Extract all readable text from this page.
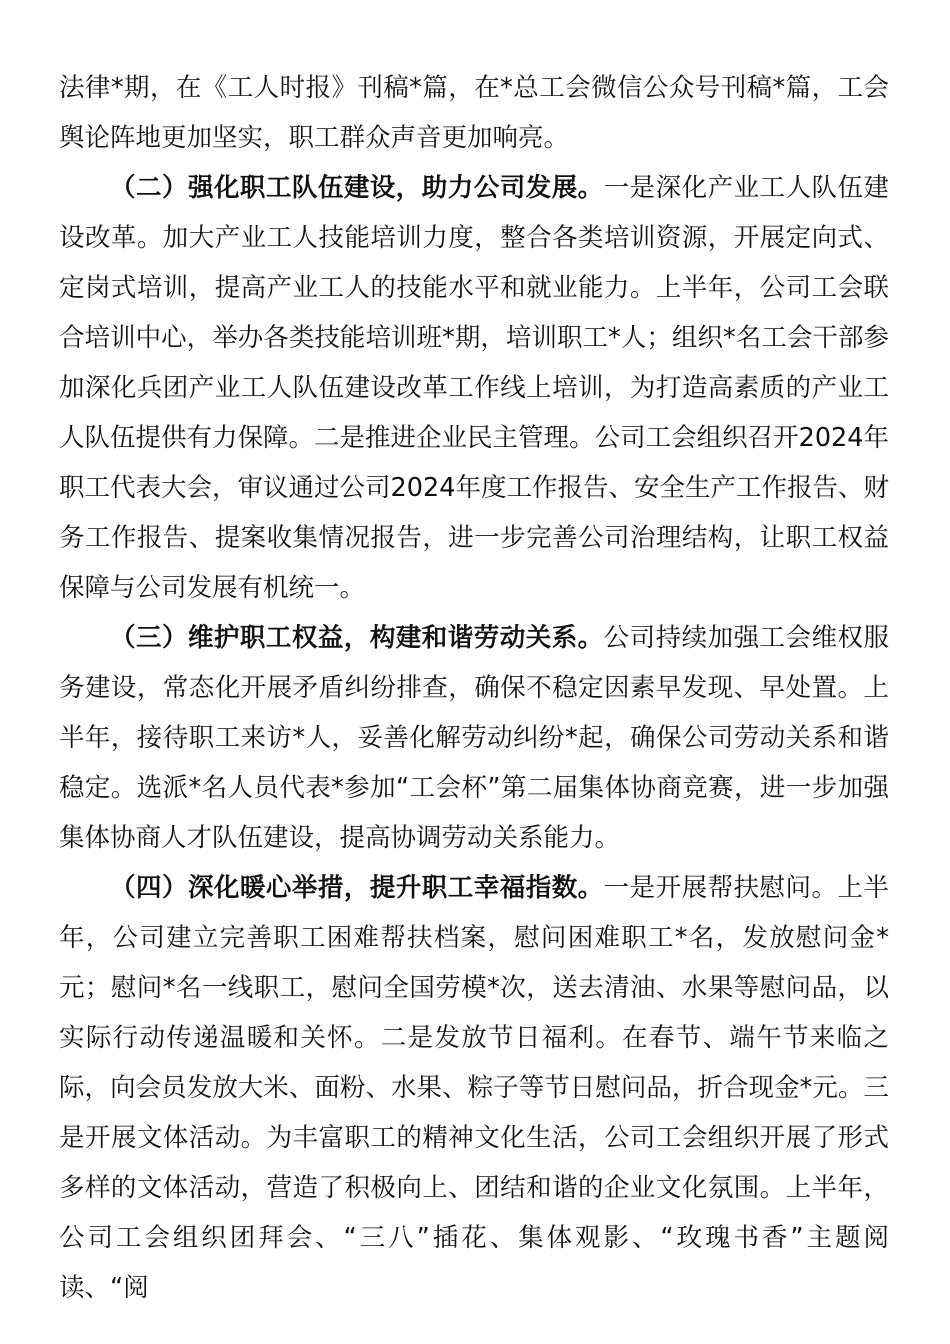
法律*期，在《工人时报》刊稿*篇，在*总工会微信公众号刊稿*篇，工会舆论阵地更加坚实，职工群众声音更加响亮。

（二）强化职工队伍建设，助力公司发展。一是深化产业工人队伍建设改革。加大产业工人技能培训力度，整合各类培训资源，开展定向式、定岗式培训，提高产业工人的技能水平和就业能力。上半年，公司工会联合培训中心，举办各类技能培训班*期，培训职工*人；组织*名工会干部参加深化兵团产业工人队伍建设改革工作线上培训，为打造高素质的产业工人队伍提供有力保障。二是推进企业民主管理。公司工会组织召开2024年职工代表大会，审议通过公司2024年度工作报告、安全生产工作报告、财务工作报告、提案收集情况报告，进一步完善公司治理结构，让职工权益保障与公司发展有机统一。

（三）维护职工权益，构建和谐劳动关系。公司持续加强工会维权服务建设，常态化开展矛盾纠纷排查，确保不稳定因素早发现、早处置。上半年，接待职工来访*人，妥善化解劳动纠纷*起，确保公司劳动关系和谐稳定。选派*名人员代表*参加“工会杯”第二届集体协商竞赛，进一步加强集体协商人才队伍建设，提高协调劳动关系能力。

（四）深化暖心举措，提升职工幸福指数。一是开展帮扶慰问。上半年，公司建立完善职工困难帮扶档案，慰问困难职工*名，发放慰问金*元；慰问*名一线职工，慰问全国劳模*次，送去清油、水果等慰问品，以实际行动传递温暖和关怀。二是发放节日福利。在春节、端午节来临之际，向会员发放大米、面粉、水果、粽子等节日慰问品，折合现金*元。三是开展文体活动。为丰富职工的精神文化生活，公司工会组织开展了形式多样的文体活动，营造了积极向上、团结和谐的企业文化氛围。上半年，公司工会组织团拜会、“三八”插花、集体观影、“玫瑰书香”主题阅读、“阅
